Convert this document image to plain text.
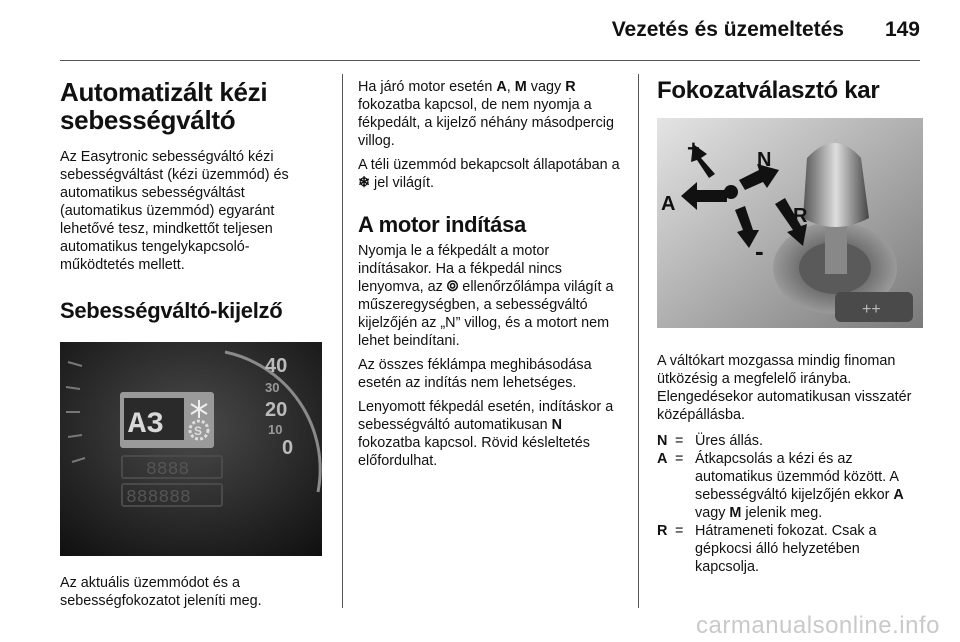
Vezetés és üzemeltetés 149
Automatizált kézi sebességváltó

Az Easytronic sebességváltó kézi sebességváltást (kézi üzemmód) és automatikus sebességváltást (automatikus üzemmód) egyaránt lehetővé tesz, mindkettőt teljesen automatikus tengelykapcsoló-működtetés mellett.

Sebességváltó-kijelző
40
30
20
10
0
A3 S
8888
888888

Az aktuális üzemmódot és a sebességfokozatot jeleníti meg.

Ha járó motor esetén A, M vagy R fokozatba kapcsol, de nem nyomja a fékpedált, a kijelző néhány másodpercig villog.

A téli üzemmód bekapcsolt állapotában a ❄ jel világít.

A motor indítása

Nyomja le a fékpedált a motor indításakor. Ha a fékpedál nincs lenyomva, az ⦾ ellenőrzőlámpa világít a műszeregységben, a sebességváltó kijelzőjén az „N” villog, és a motort nem lehet beindítani.

Az összes féklámpa meghibásodása esetén az indítás nem lehetséges.

Lenyomott fékpedál esetén, indításkor a sebességváltó automatikusan N fokozatba kapcsol. Rövid késleltetés előfordulhat.

Fokozatválasztó kar
++
+	N
A
R
-

A váltókart mozgassa mindig finoman ütközésig a megfelelő irányba. Elengedésekor automatikusan visszatér középállásba.

N = Üres állás.
A = Átkapcsolás a kézi és az automatikus üzemmód között. A sebességváltó kijelzőjén ekkor A vagy M jelenik meg.
R = Hátrameneti fokozat. Csak a gépkocsi álló helyzetében kapcsolja.
carmanualsonline.info
